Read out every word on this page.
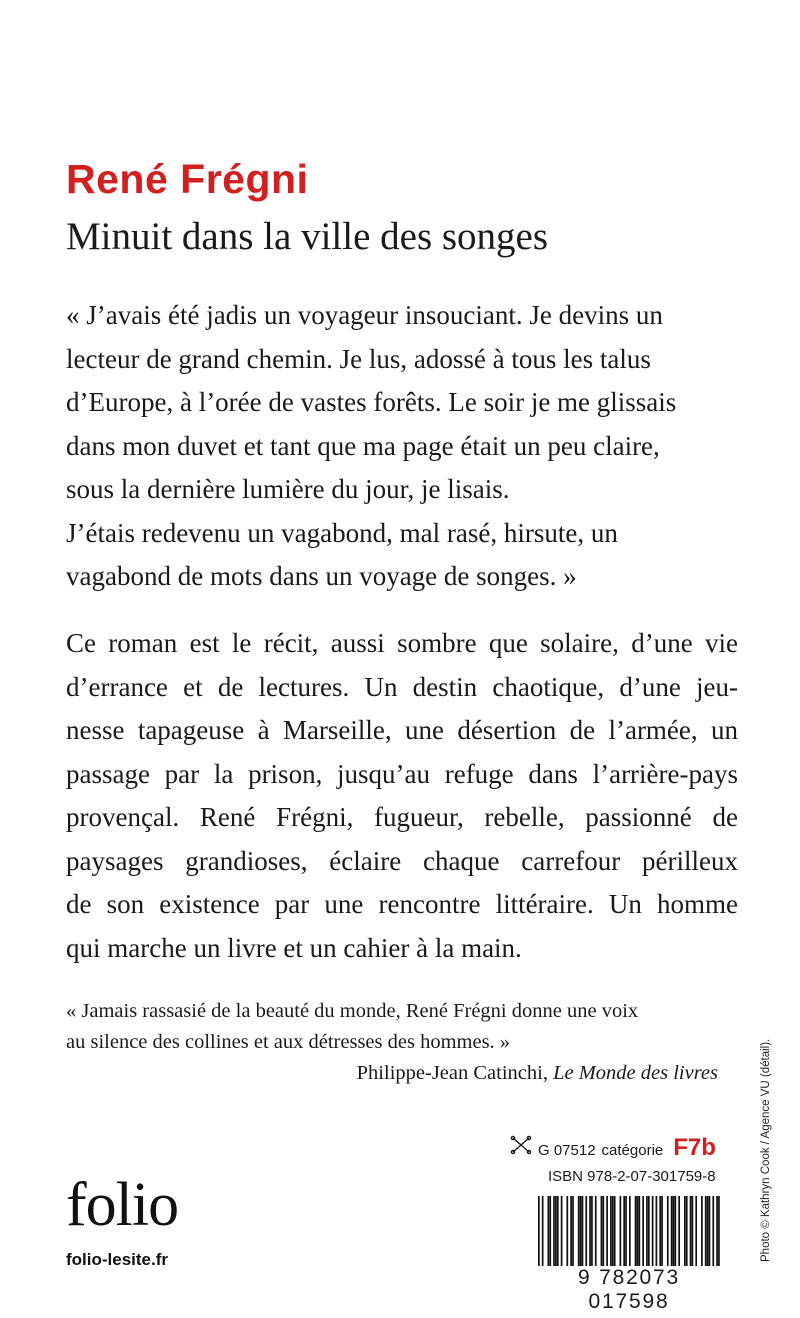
René Frégni
Minuit dans la ville des songes

« J’avais été jadis un voyageur insouciant. Je devins un
lecteur de grand chemin. Je lus, adossé à tous les talus
d’Europe, à l’orée de vastes forêts. Le soir je me glissais
dans mon duvet et tant que ma page était un peu claire,
sous la dernière lumière du jour, je lisais.
J’étais redevenu un vagabond, mal rasé, hirsute, un
vagabond de mots dans un voyage de songes. »

Ce roman est le récit, aussi sombre que solaire, d’une vie
d’errance et de lectures. Un destin chaotique, d’une jeu-
nesse tapageuse à Marseille, une désertion de l’armée, un
passage par la prison, jusqu’au refuge dans l’arrière-pays
provençal. René Frégni, fugueur, rebelle, passionné de
paysages grandioses, éclaire chaque carrefour périlleux
de son existence par une rencontre littéraire. Un homme
qui marche un livre et un cahier à la main.

« Jamais rassasié de la beauté du monde, René Frégni donne une voix
au silence des collines et aux détresses des hommes. »
Philippe-Jean Catinchi, Le Monde des livres

G 07512 catégorie F7b
ISBN 978-2-07-301759-8
9 782073 017598
folio
folio-lesite.fr	Photo © Kathryn Cook / Agence VU (détail).
